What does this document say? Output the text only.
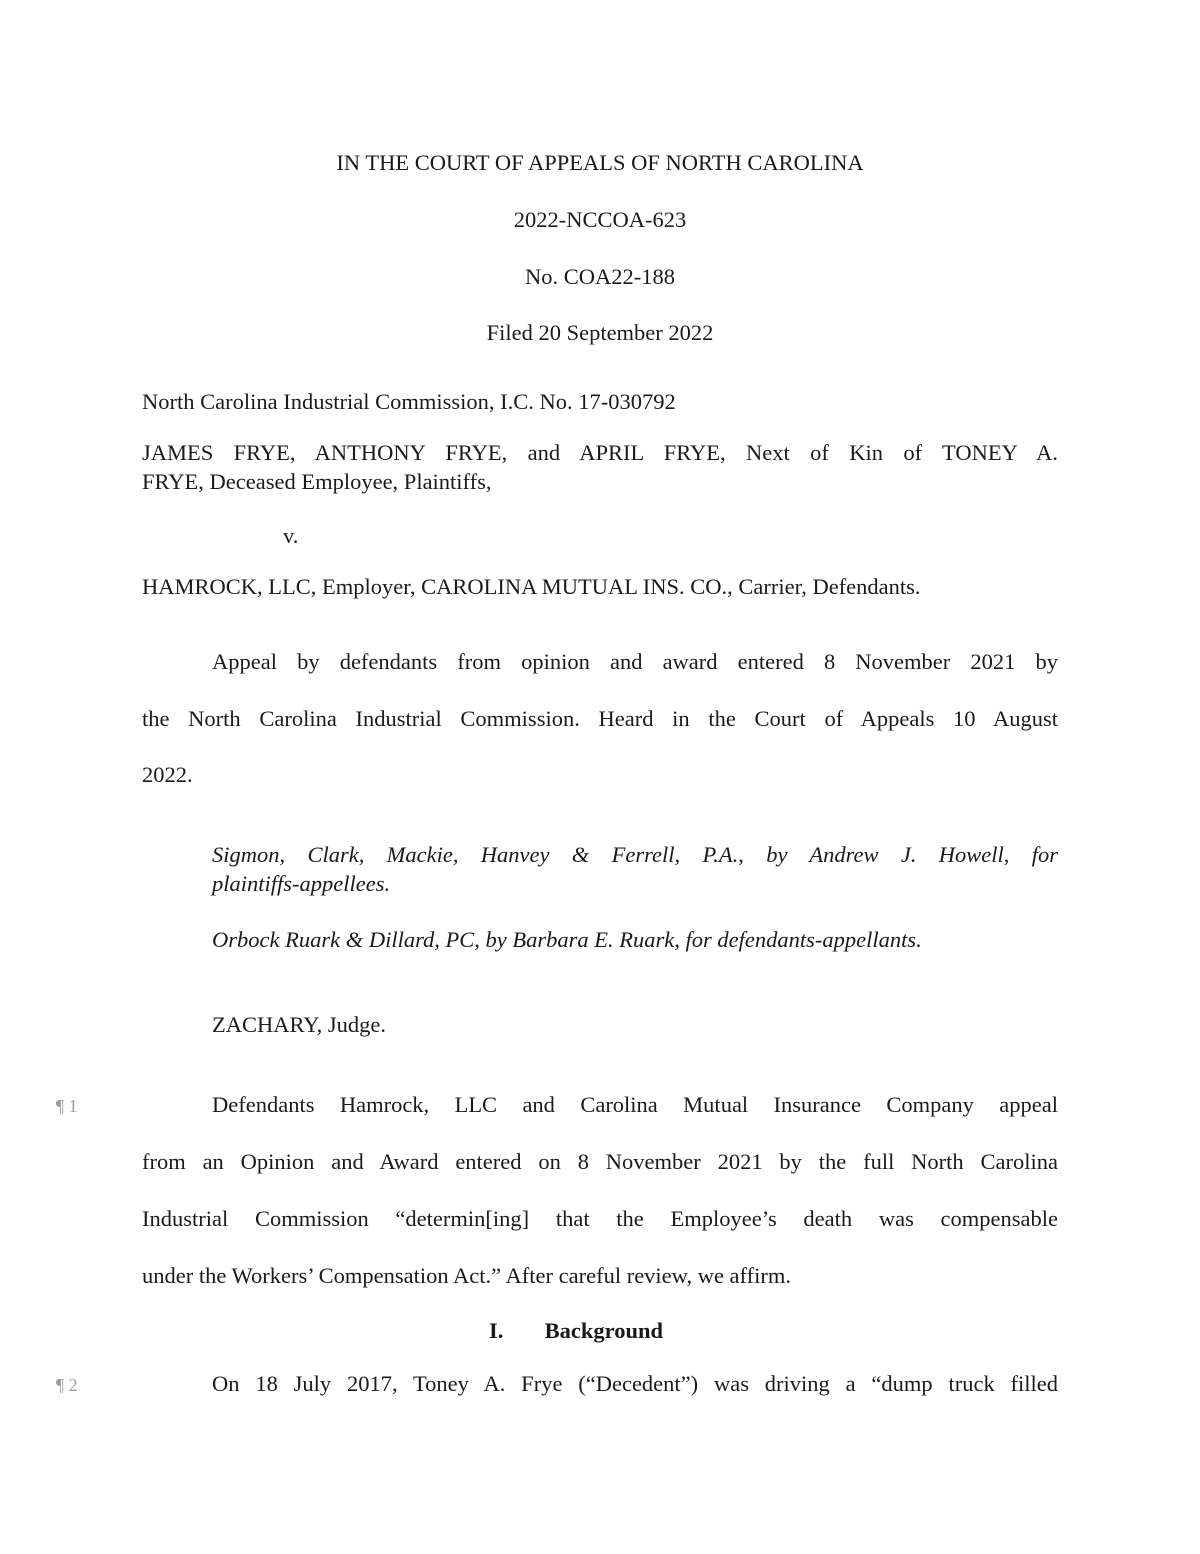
IN THE COURT OF APPEALS OF NORTH CAROLINA
2022-NCCOA-623
No. COA22-188
Filed 20 September 2022
North Carolina Industrial Commission, I.C. No. 17-030792
JAMES FRYE, ANTHONY FRYE, and APRIL FRYE, Next of Kin of TONEY A.
FRYE, Deceased Employee, Plaintiffs,
v.
HAMROCK, LLC, Employer, CAROLINA MUTUAL INS. CO., Carrier, Defendants.
Appeal by defendants from opinion and award entered 8 November 2021 by
the North Carolina Industrial Commission. Heard in the Court of Appeals 10 August
2022.
Sigmon, Clark, Mackie, Hanvey & Ferrell, P.A., by Andrew J. Howell, for
plaintiffs-appellees.
Orbock Ruark & Dillard, PC, by Barbara E. Ruark, for defendants-appellants.
ZACHARY, Judge.
¶ 1	Defendants Hamrock, LLC and Carolina Mutual Insurance Company appeal
from an Opinion and Award entered on 8 November 2021 by the full North Carolina
Industrial Commission “determin[ing] that the Employee’s death was compensable
under the Workers’ Compensation Act.” After careful review, we affirm.
I. Background
¶ 2	On 18 July 2017, Toney A. Frye (“Decedent”) was driving a “dump truck filled
